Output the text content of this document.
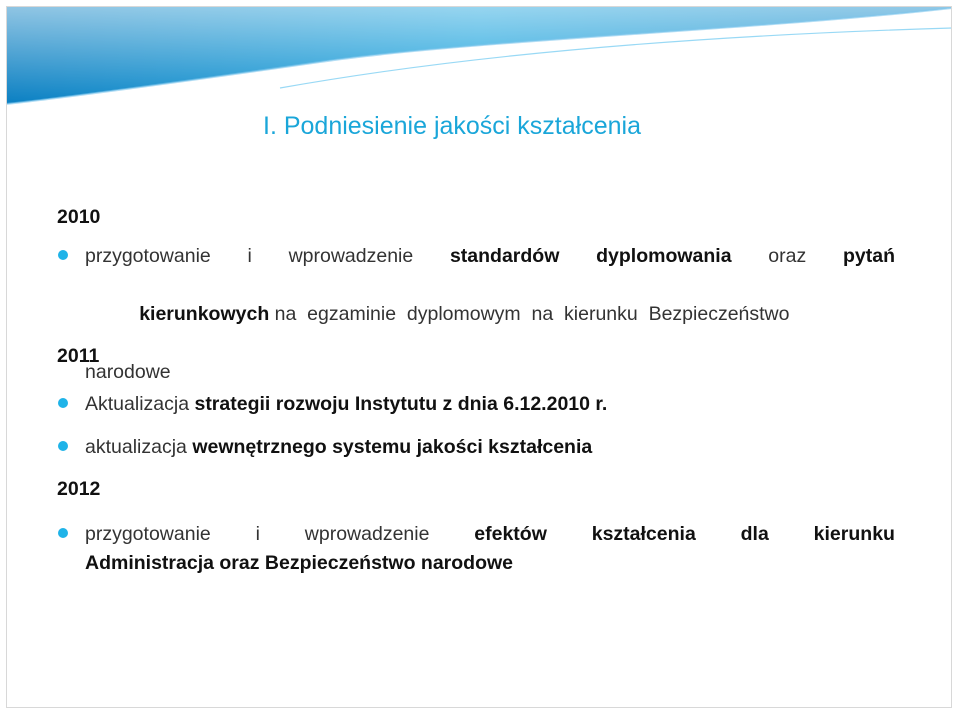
I. Podniesienie jakości kształcenia
2010
przygotowanie i wprowadzenie standardów dyplomowania oraz pytań

kierunkowych na  egzaminie  dyplomowym  na  kierunku  Bezpieczeństwo

narodowe
2011
Aktualizacja strategii rozwoju Instytutu z dnia 6.12.2010 r.
aktualizacja wewnętrznego systemu jakości kształcenia
2012
przygotowanie i wprowadzenie efektów kształcenia dla kierunku
Administracja oraz Bezpieczeństwo narodowe
